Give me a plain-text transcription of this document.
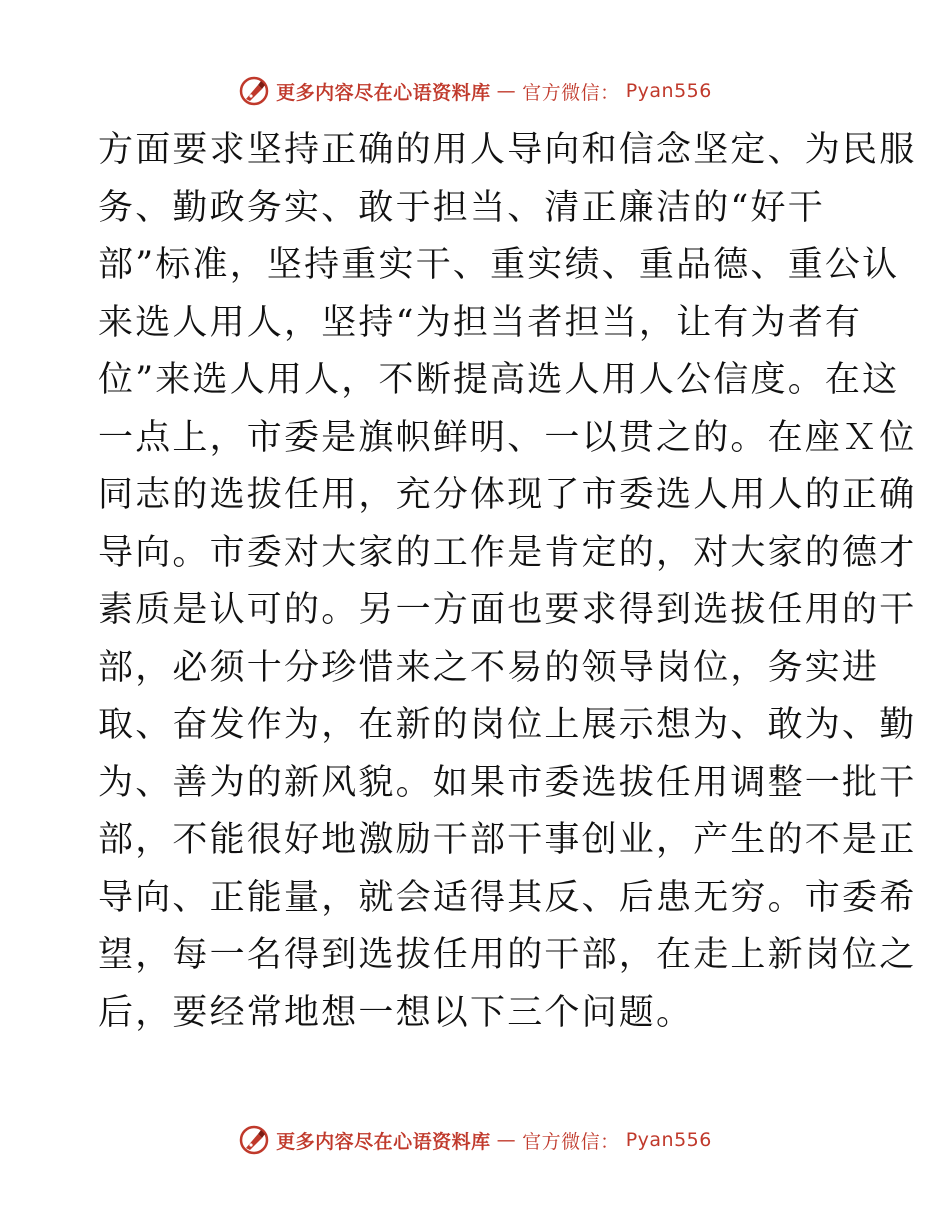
更多内容尽在心语资料库 — 官方微信： Pyan556
方面要求坚持正确的用人导向和信念坚定、为民服
务、勤政务实、敢于担当、清正廉洁的“好干
部”标准，坚持重实干、重实绩、重品德、重公认
来选人用人，坚持“为担当者担当，让有为者有
位”来选人用人，不断提高选人用人公信度。在这
一点上，市委是旗帜鲜明、一以贯之的。在座Ｘ位
同志的选拔任用，充分体现了市委选人用人的正确
导向。市委对大家的工作是肯定的，对大家的德才
素质是认可的。另一方面也要求得到选拔任用的干
部，必须十分珍惜来之不易的领导岗位，务实进
取、奋发作为，在新的岗位上展示想为、敢为、勤
为、善为的新风貌。如果市委选拔任用调整一批干
部，不能很好地激励干部干事创业，产生的不是正
导向、正能量，就会适得其反、后患无穷。市委希
望，每一名得到选拔任用的干部，在走上新岗位之
后，要经常地想一想以下三个问题。
更多内容尽在心语资料库 — 官方微信： Pyan556
